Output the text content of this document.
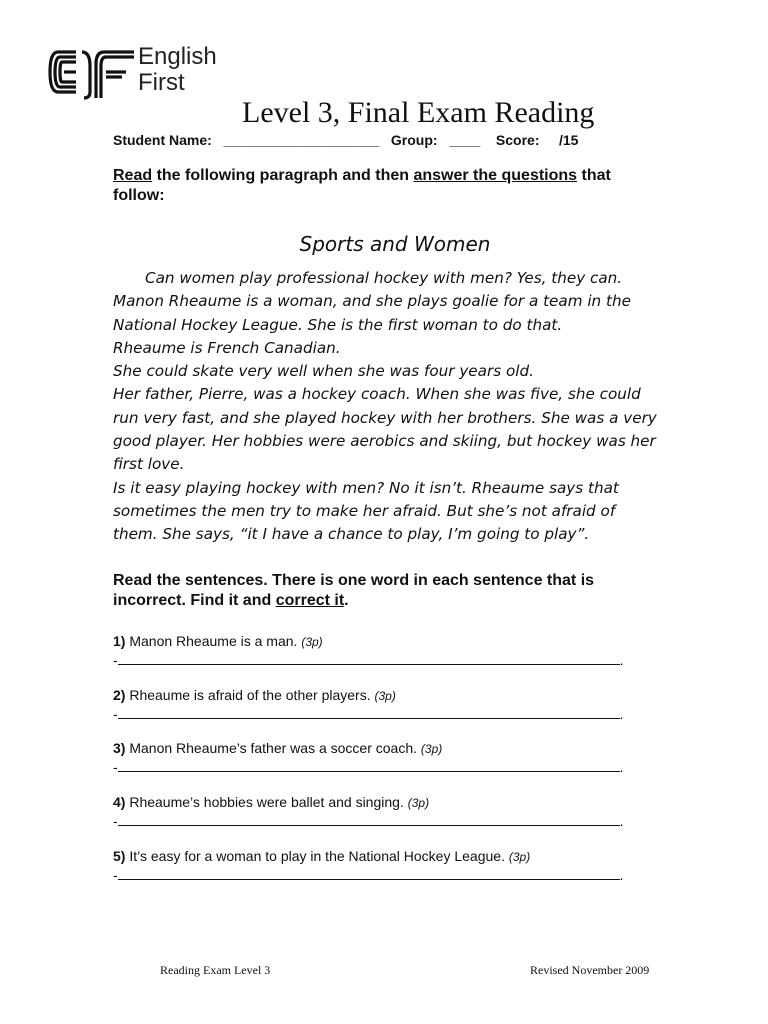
EF
English
First
Level 3, Final Exam Reading
Student Name: ____________________ Group: ____ Score: /15
Read the following paragraph and then answer the questions that follow:
Sports and Women

Can women play professional hockey with men? Yes, they can.

Manon Rheaume is a woman, and she plays goalie for a team in the

National Hockey League. She is the first woman to do that.

Rheaume is French Canadian.

She could skate very well when she was four years old.

Her father, Pierre, was a hockey coach. When she was five, she could

run very fast, and she played hockey with her brothers. She was a very

good player. Her hobbies were aerobics and skiing, but hockey was her

first love.

Is it easy playing hockey with men? No it isn’t. Rheaume says that

sometimes the men try to make her afraid. But she’s not afraid of

them. She says, “it I have a chance to play, I’m going to play”.

Read the sentences. There is one word in each sentence that is incorrect. Find it and correct it.
1) Manon Rheaume is a man. (3p)
-	.
2) Rheaume is afraid of the other players. (3p)
-	.
3) Manon Rheaume’s father was a soccer coach. (3p)
-	.
4) Rheaume’s hobbies were ballet and singing. (3p)
-	.
5) It’s easy for a woman to play in the National Hockey League. (3p)
-	.
Reading Exam Level 3	Revised November 2009
